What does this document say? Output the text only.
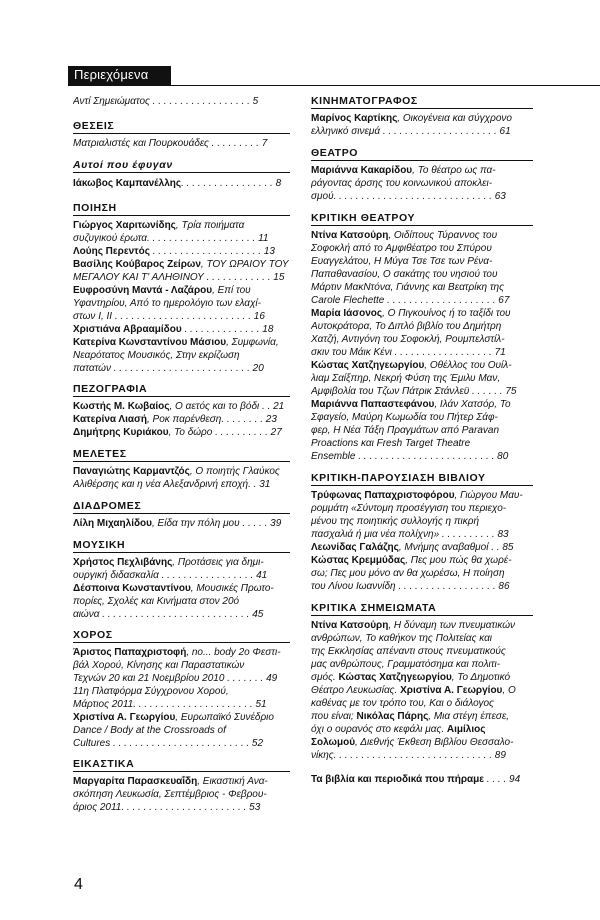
Περιεχόμενα
Αντί Σημειώματος . . . . . . . . . . . . . . . . . . 5
ΘΕΣΕΙΣ
Ματριαλιστές και Πουρκουάδες . . . . . . . . . 7
Αυτοί που έφυγαν
Ιάκωβος Καμπανέλλης. . . . . . . . . . . . . . . . . 8
ΠΟΙΗΣΗ
Γιώργος Χαριτωνίδης, Τρία ποιήματα
συζυγικού έρωτα. . . . . . . . . . . . . . . . . . . . 11
Λούης Περεντός . . . . . . . . . . . . . . . . . . . . 13
Βασίλης Κούβαρος Ζείρων, ΤΟΥ ΩΡΑΙΟΥ ΤΟΥ
ΜΕΓΑΛΟΥ ΚΑΙ Τ' ΑΛΗΘΙΝΟΥ . . . . . . . . . . . . 15
Ευφροσύνη Μαντά - Λαζάρου, Επί του
Υφαντηρίου, Από το ημερολόγιο των ελαχί-
στων I, II . . . . . . . . . . . . . . . . . . . . . . . . . 16
Χριστιάνα Αβρααμίδου . . . . . . . . . . . . . . 18
Κατερίνα Κωνσταντίνου Μάσιου, Συμφωνία,
Νεαρότατος Μουσικός, Στην εκρίζωση
πατατών . . . . . . . . . . . . . . . . . . . . . . . . . 20
ΠΕΖΟΓΡΑΦΙΑ
Κωστής Μ. Κωβαίος, Ο αετός και το βόδι . . 21
Κατερίνα Λιασή, Ροκ παρένθεση. . . . . . . . 23
Δημήτρης Κυριάκου, Το δώρο . . . . . . . . . . 27
ΜΕΛΕΤΕΣ
Παναγιώτης Καρμαντζός, Ο ποιητής Γλαύκος
Αλιθέρσης και η νέα Αλεξανδρινή εποχή. . 31
ΔΙΑΔΡΟΜΕΣ
Λίλη Μιχαηλίδου, Είδα την πόλη μου . . . . . 39
ΜΟΥΣΙΚΗ
Χρήστος Πεχλιβάνης, Προτάσεις για δημι-
ουργική διδασκαλία . . . . . . . . . . . . . . . . . 41
Δέσποινα Κωνσταντίνου, Μουσικές Πρωτο-
πορίες, Σχολές και Κινήματα στον 20ό
αιώνα . . . . . . . . . . . . . . . . . . . . . . . . . . . 45
ΧΟΡΟΣ
Άριστος Παπαχριστοφή, no... body 2ο Φεστι-
βάλ Χορού, Κίνησης και Παραστατικών
Τεχνών 20 και 21 Νοεμβρίου 2010 . . . . . . . 49
11η Πλατφόρμα Σύγχρονου Χορού,
Μάρτιος 2011. . . . . . . . . . . . . . . . . . . . . . 51
Χριστίνα Α. Γεωργίου, Ευρωπαϊκό Συνέδριο
Dance / Body at the Crossroads of
Cultures . . . . . . . . . . . . . . . . . . . . . . . . . 52
ΕΙΚΑΣΤΙΚΑ
Μαργαρίτα Παρασκευαΐδη, Εικαστική Ανα-
σκόπηση Λευκωσία, Σεπτέμβριος - Φεβρου-
άριος 2011. . . . . . . . . . . . . . . . . . . . . . . 53
ΚΙΝΗΜΑΤΟΓΡΑΦΟΣ
Μαρίνος Καρτίκης, Οικογένεια και σύγχρονο
ελληνικό σινεμά . . . . . . . . . . . . . . . . . . . . . 61
ΘΕΑΤΡΟ
Μαριάννα Κακαρίδου, Το θέατρο ως πα-
ράγοντας άρσης του κοινωνικού αποκλει-
σμού. . . . . . . . . . . . . . . . . . . . . . . . . . . . . 63
ΚΡΙΤΙΚΗ ΘΕΑΤΡΟΥ
Ντίνα Κατσούρη, Οιδίπους Τύραννος του
Σοφοκλή από το Αμφιθέατρο του Σπύρου
Ευαγγελάτου, Η Μύγα Τσε Τσε των Ρένα-
Παπαθανασίου, Ο σακάτης του νησιού του
Μάρτιν ΜακΝτόνα, Γιάννης και Βεατρίκη της
Carole Flechette . . . . . . . . . . . . . . . . . . . . 67
Μαρία Ιάσονος, Ο Πιγκουίνος ή το ταξίδι του
Αυτοκράτορα, Το Διπλό βιβλίο του Δημήτρη
Χατζή, Αντιγόνη του Σοφοκλή, Ρουμπελστίλ-
σκιν του Μάικ Κένι . . . . . . . . . . . . . . . . . . 71
Κώστας Χατζηγεωργίου, Οθέλλος του Ουίλ-
λιαμ Σαίξπηρ, Νεκρή Φύση της Έμιλυ Μαν,
Αμφιβολία του Τζων Πάτρικ Στάνλεϋ . . . . . . 75
Μαριάννα Παπαστεφάνου, Ιλάν Χατσόρ, Το
Σφαγείο, Μαύρη Κωμωδία του Πήτερ Σάφ-
φερ, Η Νέα Τάξη Πραγμάτων από Paravan
Proactions και Fresh Target Theatre
Ensemble . . . . . . . . . . . . . . . . . . . . . . . . . 80
ΚΡΙΤΙΚΗ-ΠΑΡΟΥΣΙΑΣΗ ΒΙΒΛΙΟΥ
Τρύφωνας Παπαχριστοφόρου, Γιώργου Μαυ-
ρομμάτη «Σύντομη προσέγγιση του περιεχο-
μένου της ποιητικής συλλογής η πικρή
πασχαλιά ή μια νέα πολίχνη» . . . . . . . . . . 83
Λεωνίδας Γαλάζης, Μνήμης αναβαθμοί . . 85
Κώστας Κρεμμύδας, Πες μου πώς θα χωρέ-
σω; Πες μου μόνο αν θα χωρέσω, Η ποίηση
του Λίνου Ιωαννίδη . . . . . . . . . . . . . . . . . . 86
ΚΡΙΤΙΚΑ ΣΗΜΕΙΩΜΑΤΑ
Ντίνα Κατσούρη, Η δύναμη των πνευματικών
ανθρώπων, Το καθήκον της Πολιτείας και
της Εκκλησίας απέναντι στους πνευματικούς
μας ανθρώπους, Γραμματόσημα και πολιτι-
σμός. Κώστας Χατζηγεωργίου, Το Δημοτικό
Θέατρο Λευκωσίας. Χριστίνα Α. Γεωργίου, Ο
καθένας με τον τρόπο του, Και ο διάλογος
που είναι; Νικόλας Πάρης, Μια στέγη έπεσε,
όχι ο ουρανός στο κεφάλι μας. Αιμίλιος
Σολωμού, Διεθνής Έκθεση Βιβλίου Θεσσαλο-
νίκης. . . . . . . . . . . . . . . . . . . . . . . . . . . . . 89
Τα βιβλία και περιοδικά που πήραμε . . . . 94
4
